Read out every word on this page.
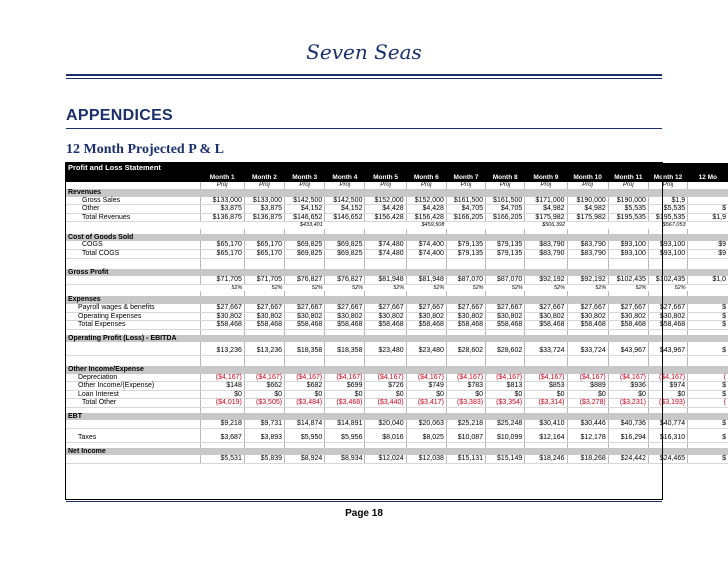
Seven Seas
APPENDICES
12 Month Projected P & L
Profit and Loss Statement													
	Month 1	Month 2	Month 3	Month 4	Month 5	Month 6	Month 7	Month 8	Month 9	Month 10	Month 11	Month 12	12 Mo
	Proj	Proj	Proj	Proj	Proj	Proj	Proj	Proj	Proj	Proj	Proj	Proj	
Revenues													
Gross Sales	$133,000	$133,000	$142,500	$142,500	$152,000	$152,000	$161,500	$161,500	$171,000	$190,000	$190,000	$1,9	
Other	$3,875	$3,875	$4,152	$4,152	$4,428	$4,428	$4,705	$4,705	$4,982	$4,982	$5,535	$5,535	$
Total Revenues	$136,875	$136,875	$146,652	$146,652	$156,428	$156,428	$166,205	$166,205	$175,982	$175,982	$195,535	$195,535	$1,9
			$433,401			$459,508			$506,392			$567,053	

Cost of Goods Sold													
COGS	$65,170	$65,170	$69,825	$69,825	$74,480	$74,400	$79,135	$79,135	$83,790	$83,790	$93,100	$93,100	$9
Total COGS	$65,170	$65,170	$69,825	$69,825	$74,480	$74,400	$79,135	$79,135	$83,790	$83,790	$93,100	$93,100	$9

Gross Profit													
	$71,705	$71,705	$76,827	$76,827	$81,948	$81,948	$87,070	$87,070	$92,192	$92,192	$102,435	$102,435	$1,0
	52%	52%	52%	52%	52%	52%	52%	52%	52%	52%	52%	52%	

Expenses													
Payroll wages & benefits	$27,667	$27,667	$27,667	$27,667	$27,667	$27,667	$27,667	$27,667	$27,667	$27,667	$27,667	$27,667	$
Operating Expenses	$30,802	$30,802	$30,802	$30,802	$30,802	$30,802	$30,802	$30,802	$30,802	$30,802	$30,802	$30,802	$
Total Expenses	$58,468	$58,468	$58,468	$58,468	$58,468	$58,468	$58,468	$58,468	$58,468	$58,468	$58,468	$58,468	$

Operating Profit (Loss) - EBITDA													

	$13,236	$13,236	$18,358	$18,358	$23,480	$23,480	$28,602	$28,602	$33,724	$33,724	$43,967	$43,967	$

Other Income/Expense													
Depreciation	($4,167)	($4,167)	($4,167)	($4,167)	($4,167)	($4,167)	($4,167)	($4,167)	($4,167)	($4,167)	($4,167)	($4,167)	(
Other Income/(Expense)	$148	$662	$682	$699	$726	$749	$783	$813	$853	$889	$936	$974	$
Loan Interest	$0	$0	$0	$0	$0	$0	$0	$0	$0	$0	$0	$0	$
Total Other	($4,019)	($3,505)	($3,484)	($3,468)	($3,440)	($3,417)	($3,383)	($3,354)	($3,314)	($3,278)	($3,231)	($3,193)	(

EBT													
	$9,218	$9,731	$14,874	$14,891	$20,040	$20,063	$25,218	$25,248	$30,410	$30,446	$40,736	$40,774	$

Taxes	$3,687	$3,893	$5,950	$5,956	$8,016	$8,025	$10,087	$10,099	$12,164	$12,178	$16,294	$16,310	$

Net Income													
	$5,531	$5,839	$8,924	$8,934	$12,024	$12,038	$15,131	$15,149	$18,246	$18,268	$24,442	$24,465	$
Page 18
